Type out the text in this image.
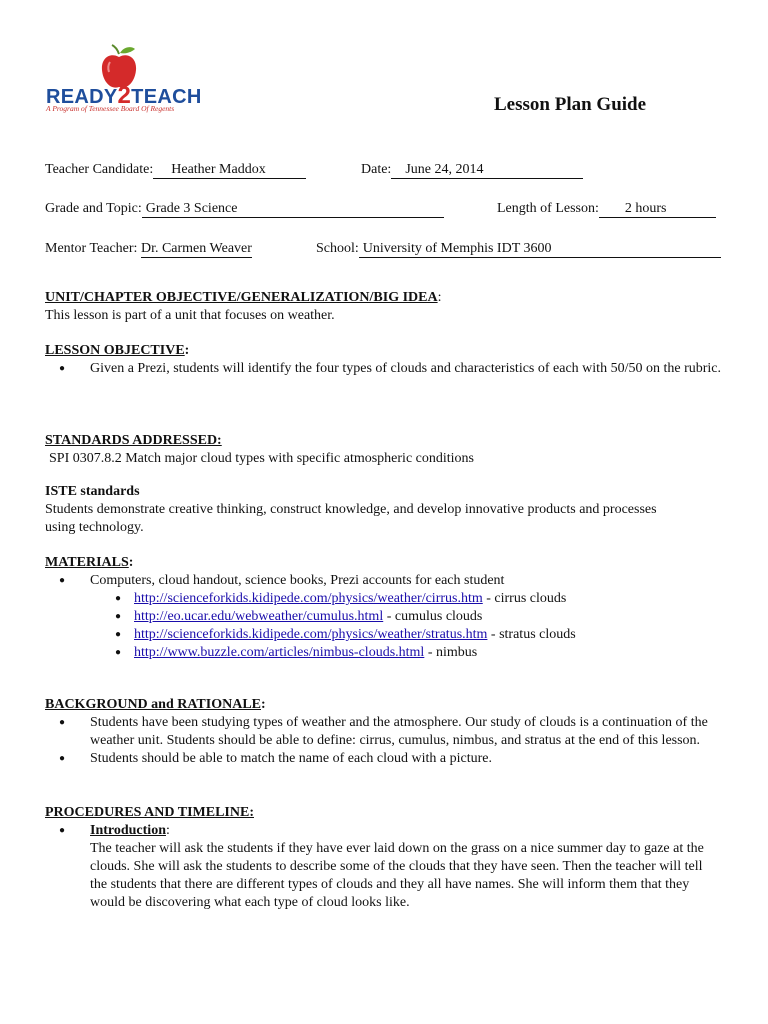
READY2TEACH
A Program of Tennessee Board Of Regents	Lesson Plan Guide
Teacher Candidate: Heather Maddox	Date: June 24, 2014
Grade and Topic: Grade 3 Science	Length of Lesson: 2 hours
Mentor Teacher: Dr. Carmen Weaver	School: University of Memphis IDT 3600
UNIT/CHAPTER OBJECTIVE/GENERALIZATION/BIG IDEA:
This lesson is part of a unit that focuses on weather.
LESSON OBJECTIVE:
● Given a Prezi, students will identify the four types of clouds and characteristics of each with 50/50 on the rubric.
STANDARDS ADDRESSED:
SPI 0307.8.2 Match major cloud types with specific atmospheric conditions
ISTE standards
Students demonstrate creative thinking, construct knowledge, and develop innovative products and processes using technology.
MATERIALS:
● Computers, cloud handout, science books, Prezi accounts for each student
● http://scienceforkids.kidipede.com/physics/weather/cirrus.htm - cirrus clouds
● http://eo.ucar.edu/webweather/cumulus.html - cumulus clouds
● http://scienceforkids.kidipede.com/physics/weather/stratus.htm - stratus clouds
● http://www.buzzle.com/articles/nimbus-clouds.html - nimbus
BACKGROUND and RATIONALE:
● Students have been studying types of weather and the atmosphere. Our study of clouds is a continuation of the weather unit. Students should be able to define: cirrus, cumulus, nimbus, and stratus at the end of this lesson.
● Students should be able to match the name of each cloud with a picture.
PROCEDURES AND TIMELINE:
● Introduction:
The teacher will ask the students if they have ever laid down on the grass on a nice summer day to gaze at the clouds. She will ask the students to describe some of the clouds that they have seen. Then the teacher will tell the students that there are different types of clouds and they all have names. She will inform them that they would be discovering what each type of cloud looks like.
